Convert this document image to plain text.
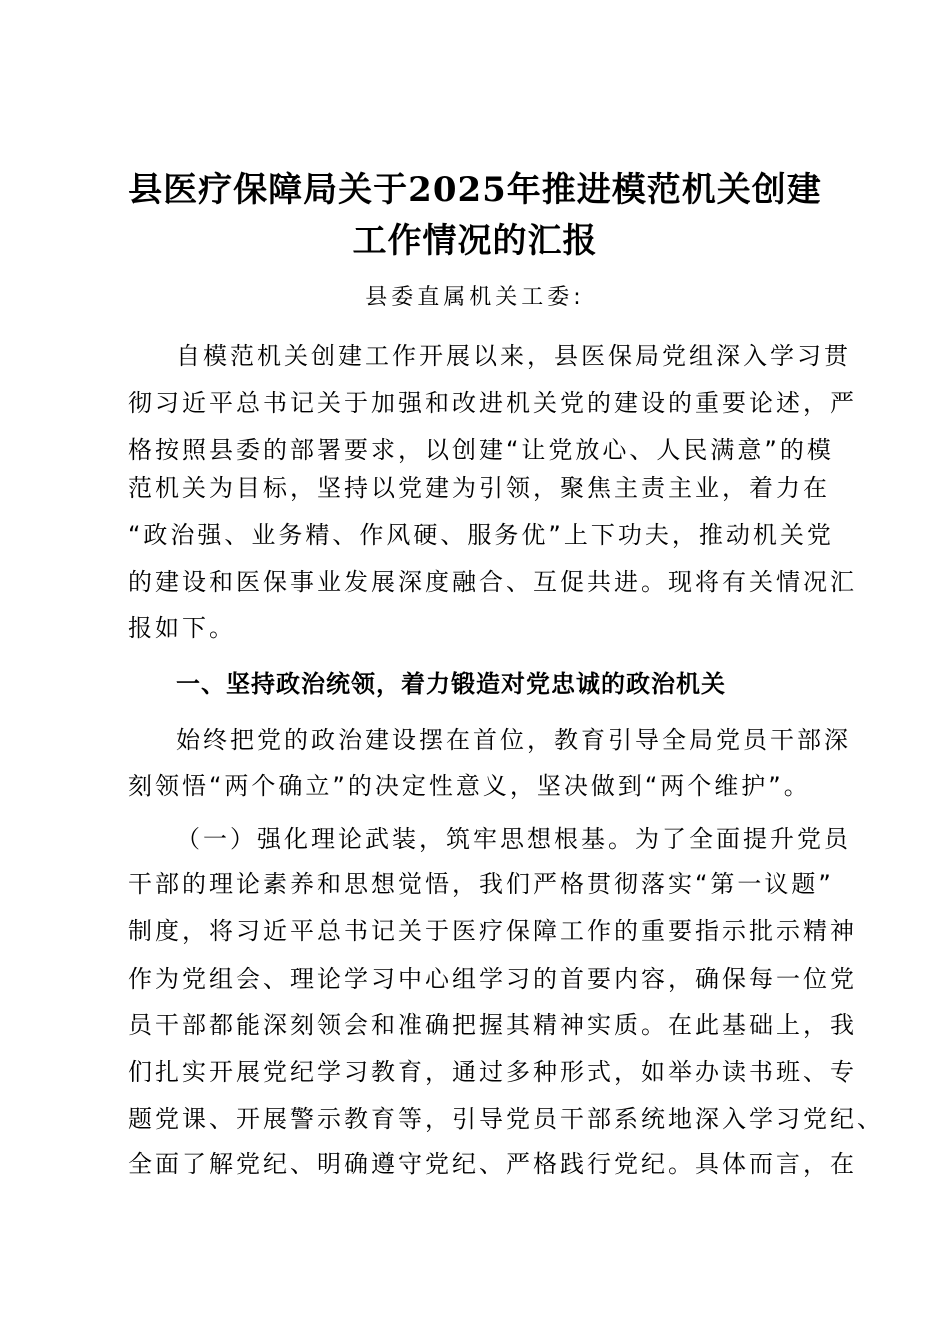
县医疗保障局关于2025年推进模范机关创建
工作情况的汇报
县委直属机关工委:
自模范机关创建工作开展以来，县医保局党组深入学习贯
彻习近平总书记关于加强和改进机关党的建设的重要论述，严
格按照县委的部署要求，以创建“让党放心、人民满意”的模
范机关为目标，坚持以党建为引领，聚焦主责主业，着力在
“政治强、业务精、作风硬、服务优”上下功夫，推动机关党
的建设和医保事业发展深度融合、互促共进。现将有关情况汇
报如下。
一、坚持政治统领，着力锻造对党忠诚的政治机关
始终把党的政治建设摆在首位，教育引导全局党员干部深
刻领悟“两个确立”的决定性意义，坚决做到“两个维护”。
（一）强化理论武装，筑牢思想根基。为了全面提升党员
干部的理论素养和思想觉悟，我们严格贯彻落实“第一议题”
制度，将习近平总书记关于医疗保障工作的重要指示批示精神
作为党组会、理论学习中心组学习的首要内容，确保每一位党
员干部都能深刻领会和准确把握其精神实质。在此基础上，我
们扎实开展党纪学习教育，通过多种形式，如举办读书班、专
题党课、开展警示教育等，引导党员干部系统地深入学习党纪、
全面了解党纪、明确遵守党纪、严格践行党纪。具体而言，在
